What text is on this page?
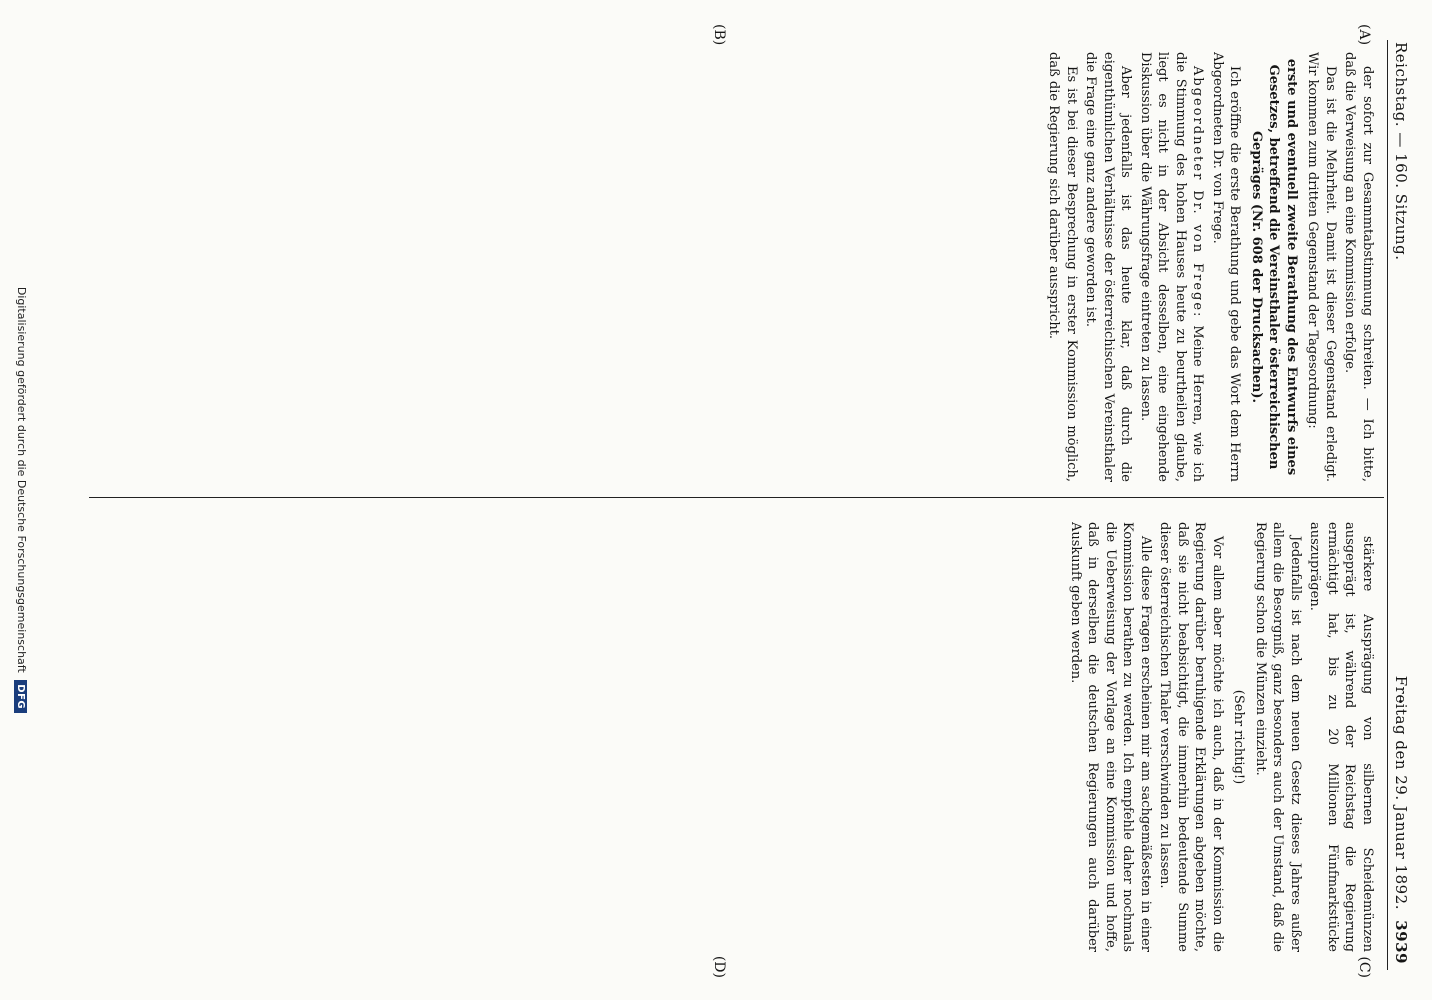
Reichstag. — 160. Sitzung.
Freitag den 29. Januar 1892.
3939
(A)
(B)
(C)
(D)

der sofort zur Gesammtabstimmung schreiten. — Ich bitte, daß die Verweisung an eine Kommission erfolge.

Das ist die Mehrheit. Damit ist dieser Gegenstand erledigt. Wir kommen zum dritten Gegenstand der Tagesordnung:

erste und eventuell zweite Berathung des Entwurfs eines Gesetzes, betreffend die Vereinsthaler österreichischen Gepräges (Nr. 608 der Drucksachen).

Ich eröffne die erste Berathung und gebe das Wort dem Herrn Abgeordneten Dr. von Frege.

Abgeordneter Dr. von Frege: Meine Herren, wie ich die Stimmung des hohen Hauses heute zu beurtheilen glaube, liegt es nicht in der Absicht desselben, eine eingehende Diskussion über die Währungsfrage eintreten zu lassen.

Aber jedenfalls ist das heute klar, daß durch die eigenthümlichen Verhältnisse der österreichischen Vereinsthaler die Frage eine ganz andere geworden ist.

Es ist bei dieser Besprechung in erster Kommission möglich, daß die Regierung sich darüber ausspricht.

stärkere Ausprägung von silbernen Scheidemünzen ausgeprägt ist, während der Reichstag die Regierung ermächtigt hat, bis zu 20 Millionen Fünfmarkstücke auszuprägen.

Jedenfalls ist nach dem neuen Gesetz dieses Jahres außer allem die Besorgniß, ganz besonders auch der Umstand, daß die Regierung schon die Münzen einzieht.

(Sehr richtig!)

Vor allem aber möchte ich auch, daß in der Kommission die Regierung darüber beruhigende Erklärungen abgeben möchte, daß sie nicht beabsichtigt, die immerhin bedeutende Summe dieser österreichischen Thaler verschwinden zu lassen.

Alle diese Fragen erscheinen mir am sachgemäßesten in einer Kommission berathen zu werden. Ich empfehle daher nochmals die Ueberweisung der Vorlage an eine Kommission und hoffe, daß in derselben die deutschen Regierungen auch darüber Auskunft geben werden.

Digitalisierung gefördert durch die Deutsche Forschungsgemeinschaft DFG
